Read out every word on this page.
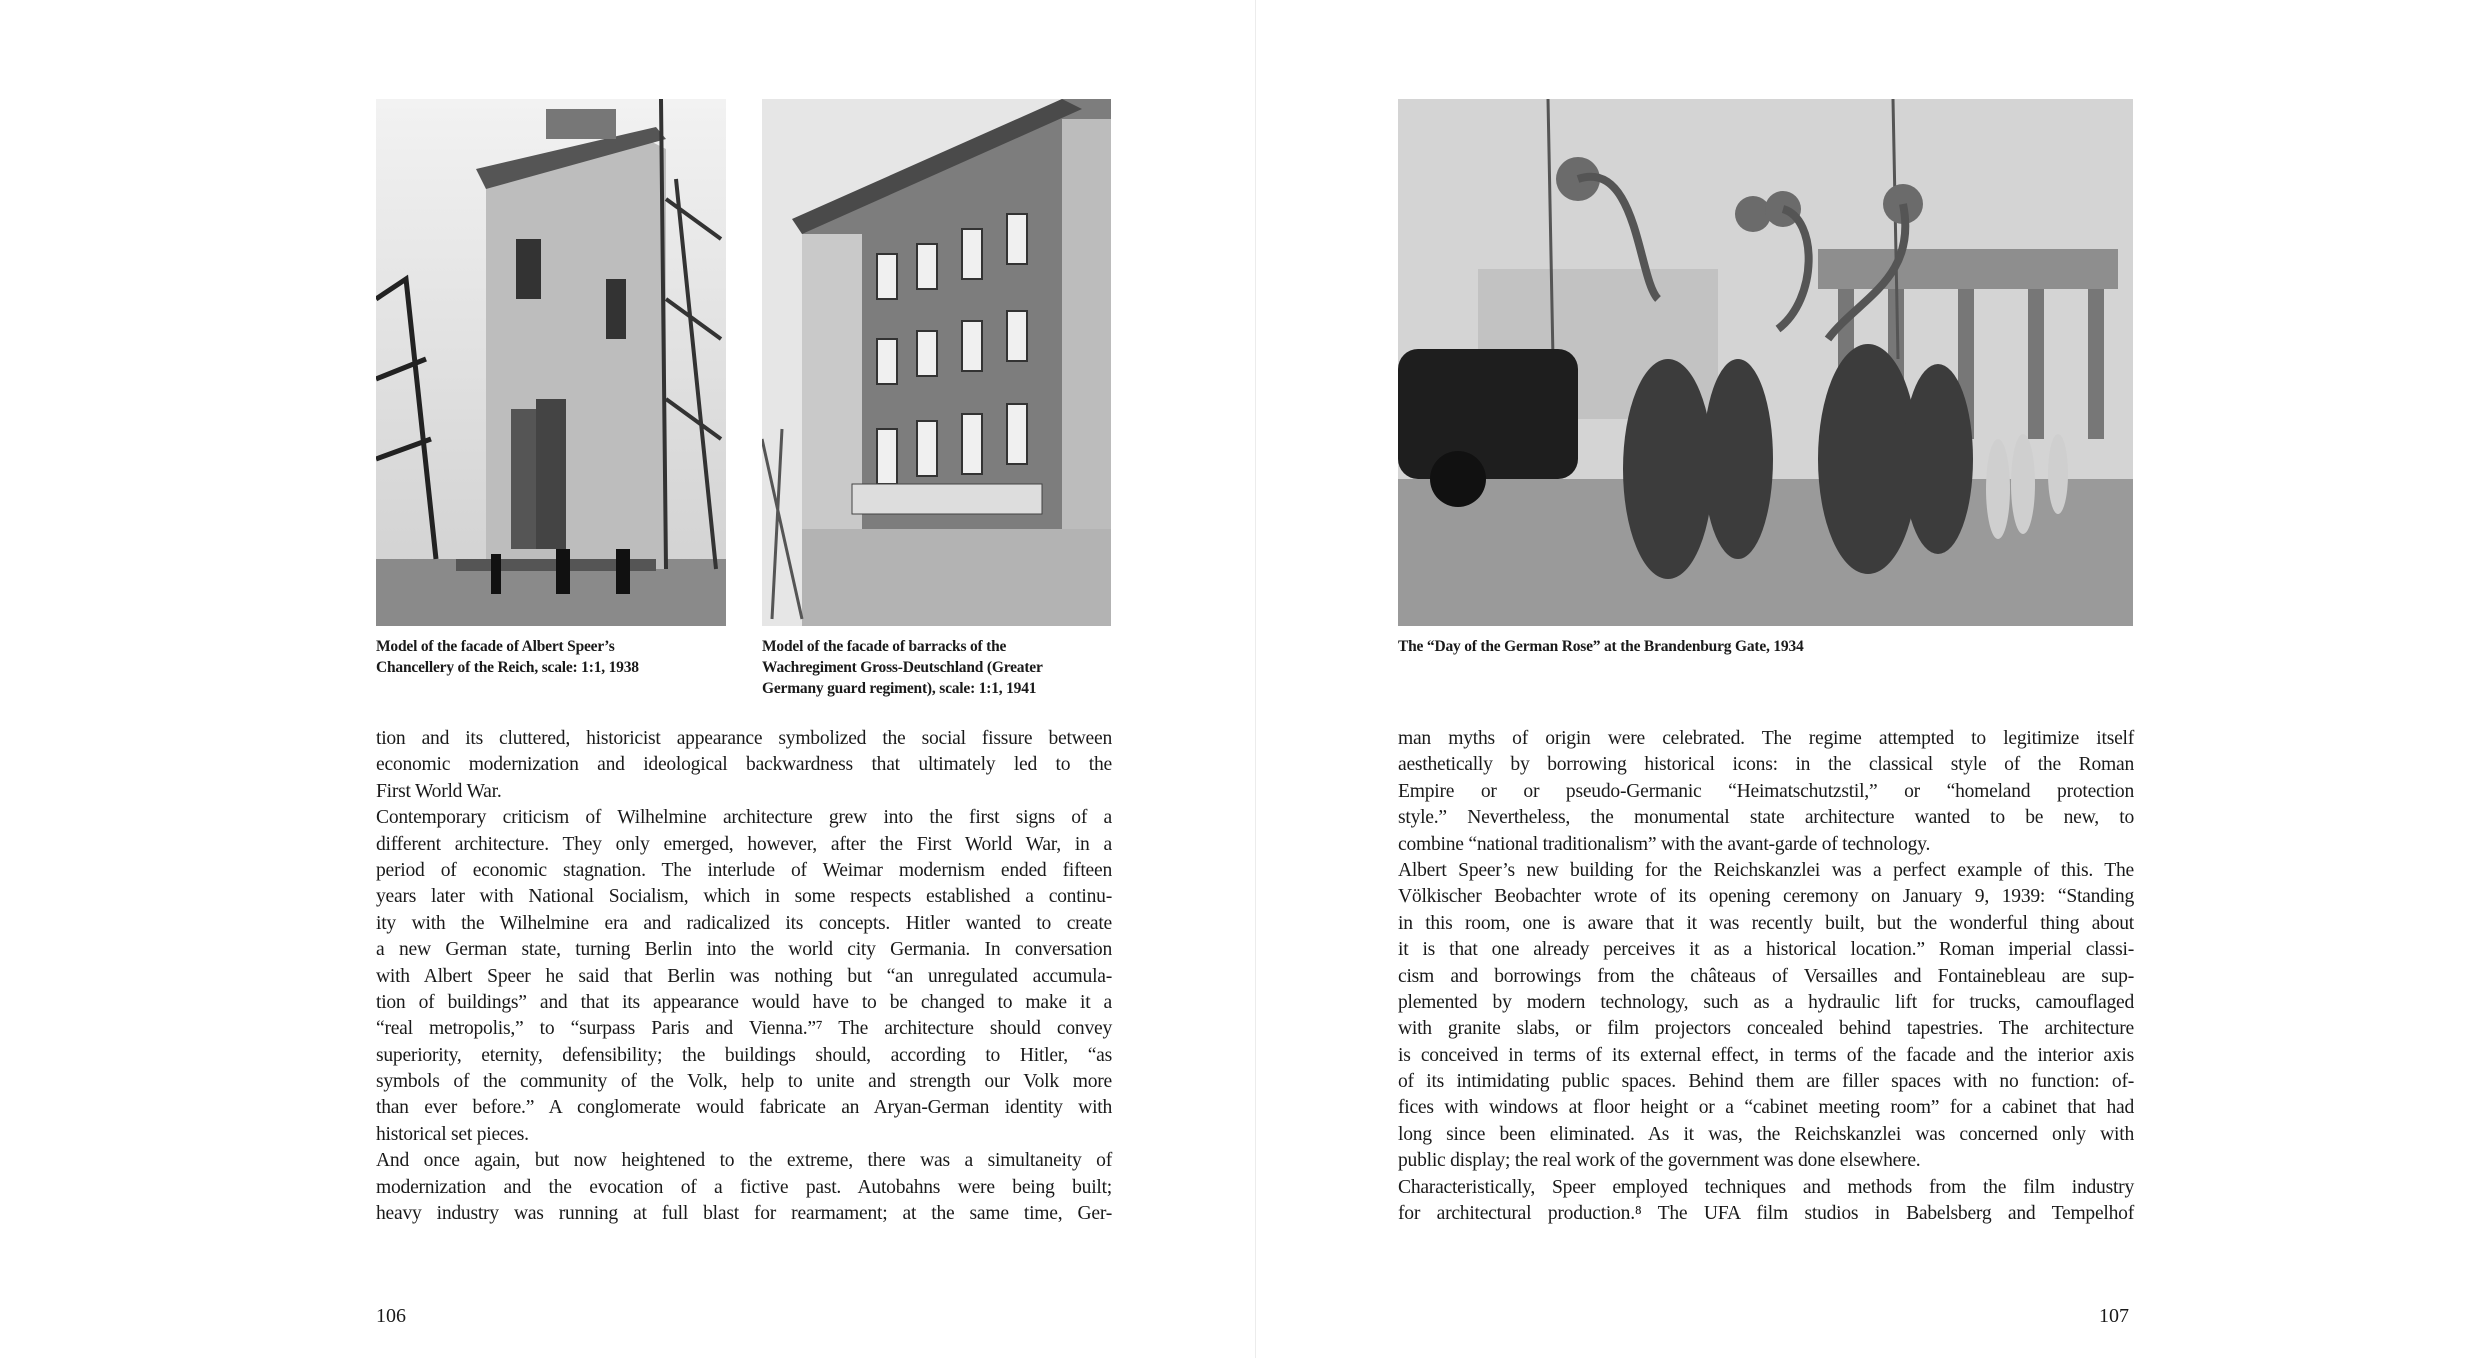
Model of the facade of Albert Speer’s
Chancellery of the Reich, scale: 1:1, 1938
Model of the facade of barracks of the
Wachregiment Gross-Deutschland (Greater
Germany guard regiment), scale: 1:1, 1941
tion and its cluttered, historicist appearance symbolized the social fissure between
economic modernization and ideological backwardness that ultimately led to the
First World War.
Contemporary criticism of Wilhelmine architecture grew into the first signs of a
different architecture. They only emerged, however, after the First World War, in a
period of economic stagnation. The interlude of Weimar modernism ended fifteen
years later with National Socialism, which in some respects established a continu-
ity with the Wilhelmine era and radicalized its concepts. Hitler wanted to create
a new German state, turning Berlin into the world city Germania. In conversation
with Albert Speer he said that Berlin was nothing but “an unregulated accumula-
tion of buildings” and that its appearance would have to be changed to make it a
“real metropolis,” to “surpass Paris and Vienna.”⁷ The architecture should convey
superiority, eternity, defensibility; the buildings should, according to Hitler, “as
symbols of the community of the Volk, help to unite and strength our Volk more
than ever before.” A conglomerate would fabricate an Aryan-German identity with
historical set pieces.
And once again, but now heightened to the extreme, there was a simultaneity of
modernization and the evocation of a fictive past. Autobahns were being built;
heavy industry was running at full blast for rearmament; at the same time, Ger-
106
The “Day of the German Rose” at the Brandenburg Gate, 1934
man myths of origin were celebrated. The regime attempted to legitimize itself
aesthetically by borrowing historical icons: in the classical style of the Roman
Empire or or pseudo-Germanic “Heimatschutzstil,” or “homeland protection
style.” Nevertheless, the monumental state architecture wanted to be new, to
combine “national traditionalism” with the avant-garde of technology.
Albert Speer’s new building for the Reichskanzlei was a perfect example of this. The
Völkischer Beobachter wrote of its opening ceremony on January 9, 1939: “Standing
in this room, one is aware that it was recently built, but the wonderful thing about
it is that one already perceives it as a historical location.” Roman imperial classi-
cism and borrowings from the châteaus of Versailles and Fontainebleau are sup-
plemented by modern technology, such as a hydraulic lift for trucks, camouflaged
with granite slabs, or film projectors concealed behind tapestries. The architecture
is conceived in terms of its external effect, in terms of the facade and the interior axis
of its intimidating public spaces. Behind them are filler spaces with no function: of-
fices with windows at floor height or a “cabinet meeting room” for a cabinet that had
long since been eliminated. As it was, the Reichskanzlei was concerned only with
public display; the real work of the government was done elsewhere.
Characteristically, Speer employed techniques and methods from the film industry
for architectural production.⁸ The UFA film studios in Babelsberg and Tempelhof
107
